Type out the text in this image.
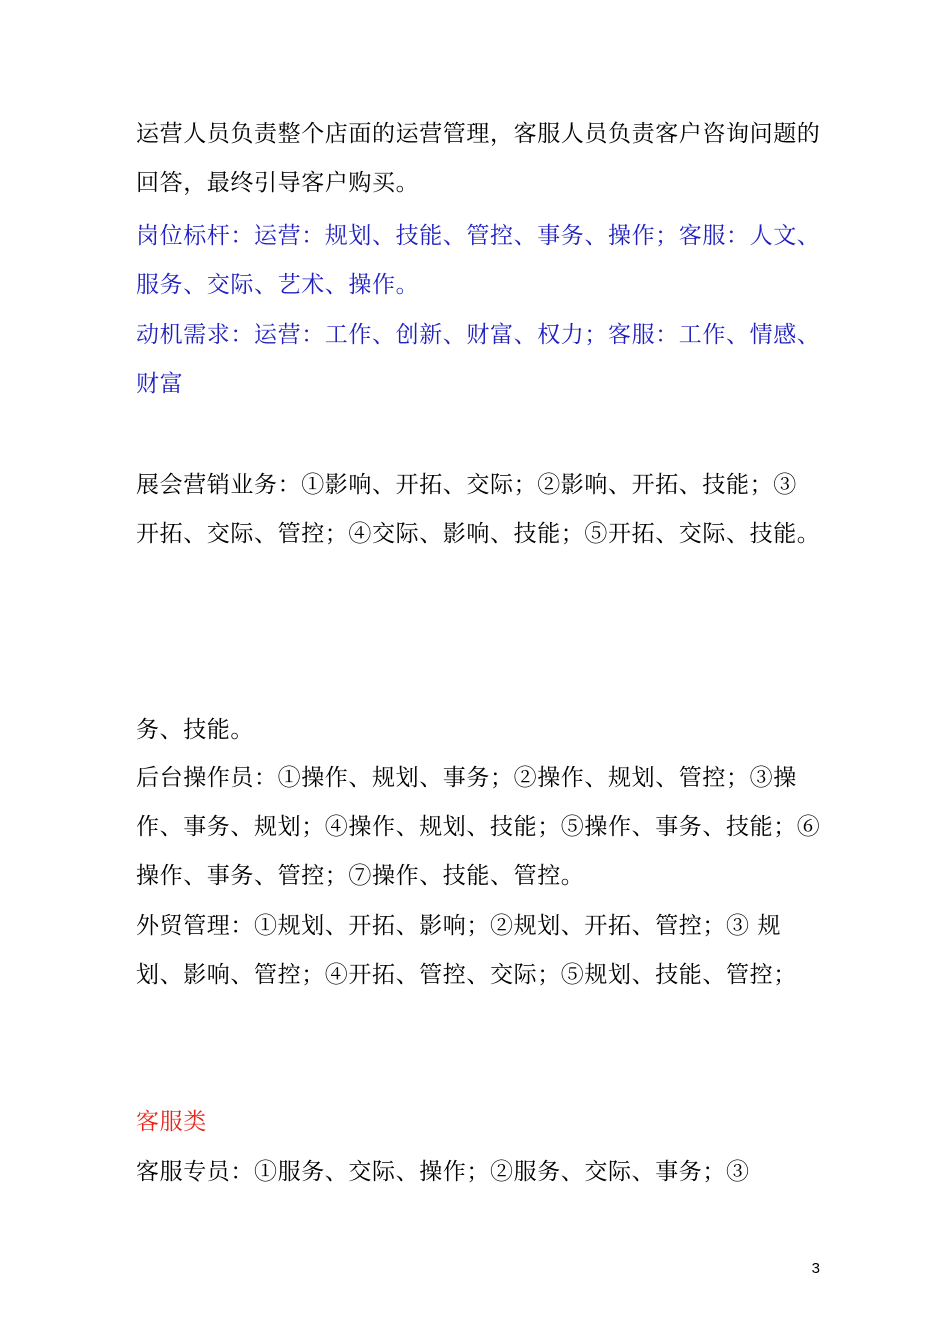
运营人员负责整个店面的运营管理，客服人员负责客户咨询问题的回答，最终引导客户购买。

岗位标杆：运营：规划、技能、管控、事务、操作；客服：人文、服务、交际、艺术、操作。

动机需求：运营：工作、创新、财富、权力；客服：工作、情感、财富

展会营销业务：①影响、开拓、交际；②影响、开拓、技能；③ 开拓、交际、管控；④交际、影响、技能；⑤开拓、交际、技能。

务、技能。

后台操作员：①操作、规划、事务；②操作、规划、管控；③操作、事务、规划；④操作、规划、技能；⑤操作、事务、技能；⑥操作、事务、管控；⑦操作、技能、管控。

外贸管理：①规划、开拓、影响；②规划、开拓、管控；③ 规划、影响、管控；④开拓、管控、交际；⑤规划、技能、管控；

客服类

客服专员：①服务、交际、操作；②服务、交际、事务；③

3
